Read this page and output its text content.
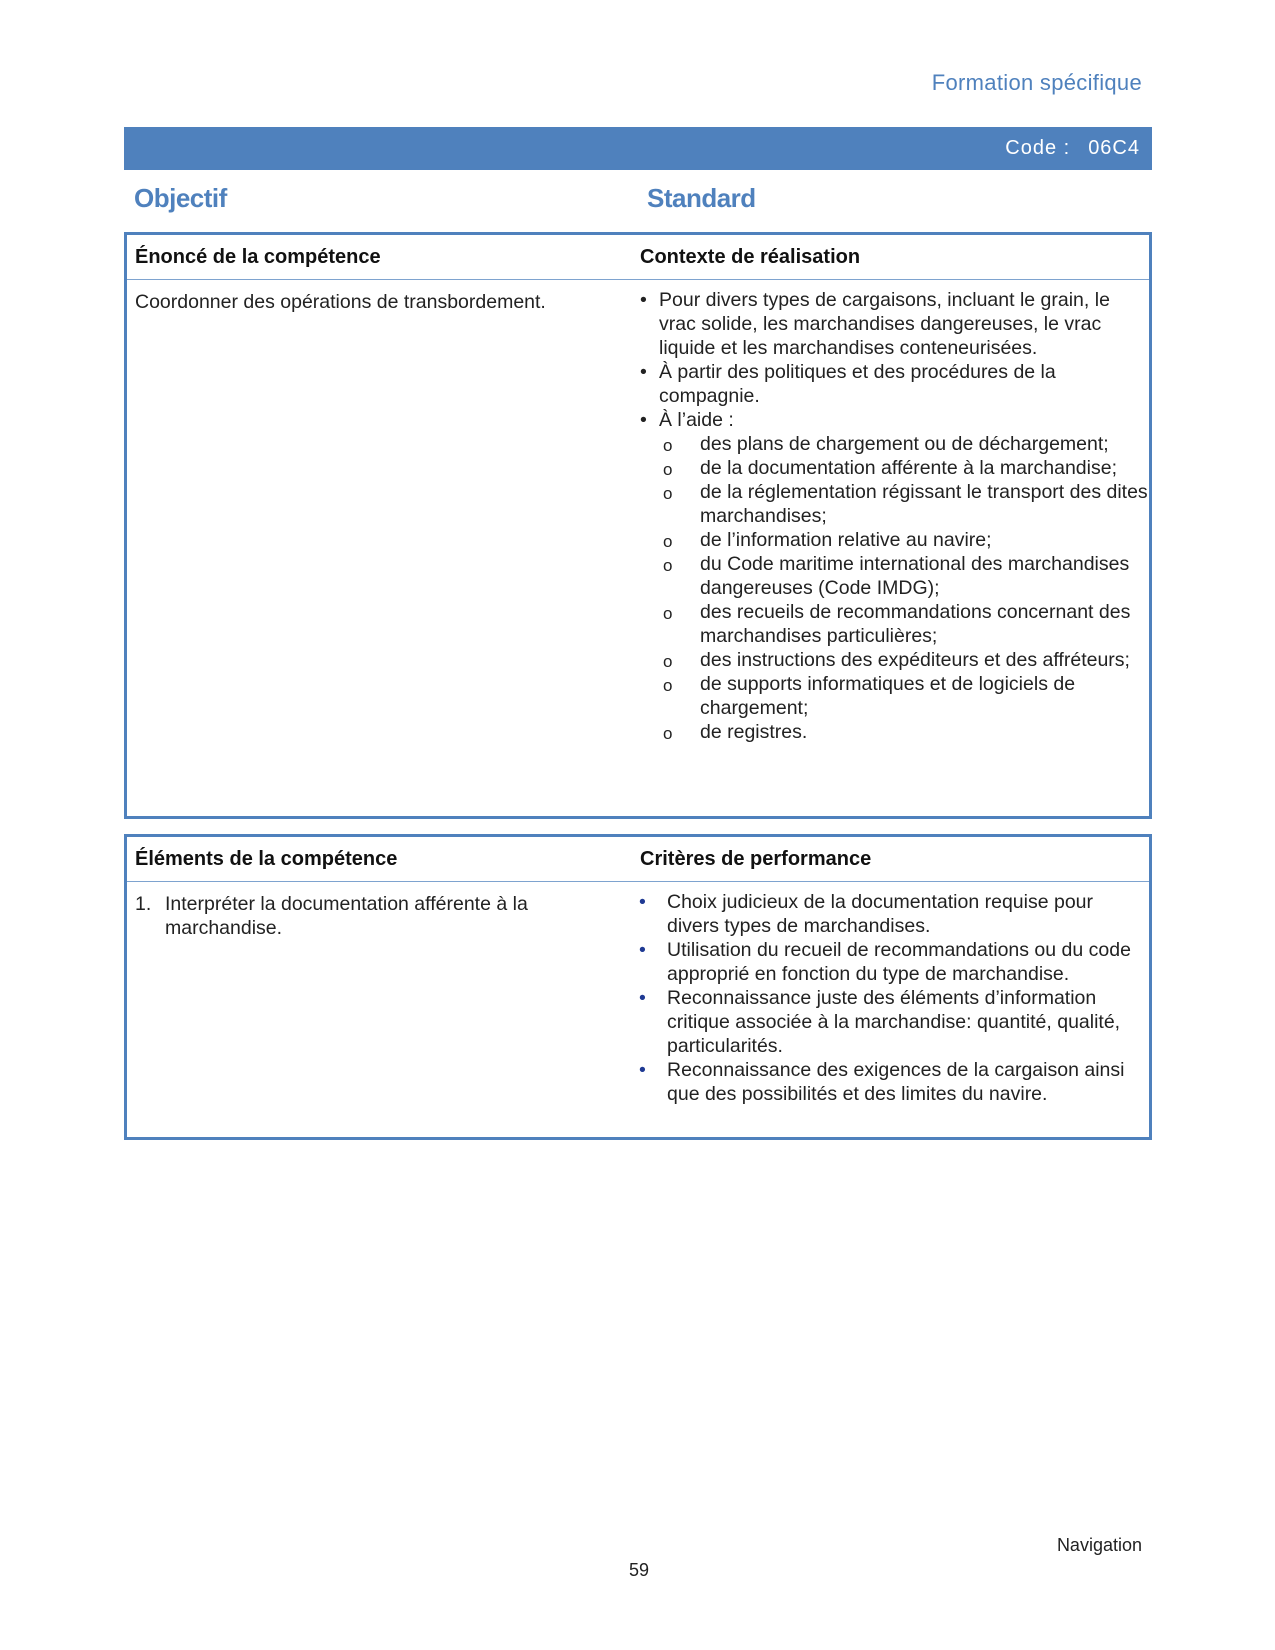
Formation spécifique
Code : 06C4
Objectif	Standard
Énoncé de la compétence	Contexte de réalisation
Coordonner des opérations de transbordement.	• Pour divers types de cargaisons, incluant le grain, le vrac solide, les marchandises dangereuses, le vrac liquide et les marchandises conteneurisées.
• À partir des politiques et des procédures de la compagnie.
• À l’aide :
o des plans de chargement ou de déchargement;
o de la documentation afférente à la marchandise;
o de la réglementation régissant le transport des dites marchandises;
o de l’information relative au navire;
o du Code maritime international des marchandises dangereuses (Code IMDG);
o des recueils de recommandations concernant des marchandises particulières;
o des instructions des expéditeurs et des affréteurs;
o de supports informatiques et de logiciels de chargement;
o de registres.
Éléments de la compétence	Critères de performance
1. Interpréter la documentation afférente à la marchandise.
• Choix judicieux de la documentation requise pour divers types de marchandises.
• Utilisation du recueil de recommandations ou du code approprié en fonction du type de marchandise.
• Reconnaissance juste des éléments d’information critique associée à la marchandise: quantité, qualité, particularités.
• Reconnaissance des exigences de la cargaison ainsi que des possibilités et des limites du navire.
Navigation
59
